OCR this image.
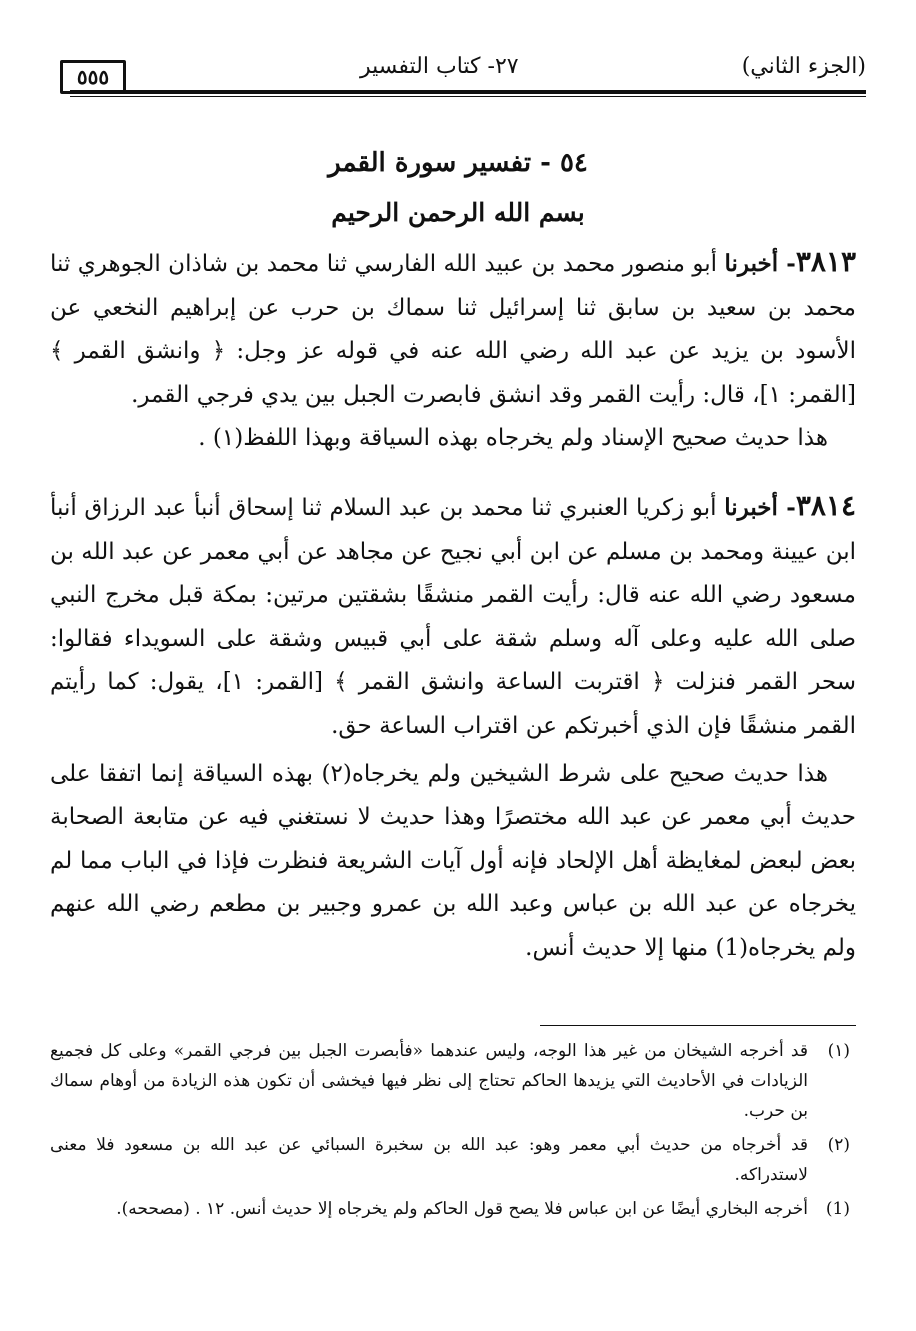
٥٥٥	٢٧- كتاب التفسير	(الجزء الثاني)
٥٤ - تفسير سورة القمر
بسم الله الرحمن الرحيم

٣٨١٣- أخبرنا أبو منصور محمد بن عبيد الله الفارسي ثنا محمد بن شاذان الجوهري ثنا محمد بن سعيد بن سابق ثنا إسرائيل ثنا سماك بن حرب عن إبراهيم النخعي عن الأسود بن يزيد عن عبد الله رضي الله عنه في قوله عز وجل: ﴿ وانشق القمر ﴾ [القمر: ١]، قال: رأيت القمر وقد انشق فابصرت الجبل بين يدي فرجي القمر.

هذا حديث صحيح الإسناد ولم يخرجاه بهذه السياقة وبهذا اللفظ(١) .

٣٨١٤- أخبرنا أبو زكريا العنبري ثنا محمد بن عبد السلام ثنا إسحاق أنبأ عبد الرزاق أنبأ ابن عيينة ومحمد بن مسلم عن ابن أبي نجيح عن مجاهد عن أبي معمر عن عبد الله بن مسعود رضي الله عنه قال: رأيت القمر منشقًا بشقتين مرتين: بمكة قبل مخرج النبي صلى الله عليه وعلى آله وسلم شقة على أبي قبيس وشقة على السويداء فقالوا: سحر القمر فنزلت ﴿ اقتربت الساعة وانشق القمر ﴾ [القمر: ١]، يقول: كما رأيتم القمر منشقًا فإن الذي أخبرتكم عن اقتراب الساعة حق.

هذا حديث صحيح على شرط الشيخين ولم يخرجاه(٢) بهذه السياقة إنما اتفقا على حديث أبي معمر عن عبد الله مختصرًا وهذا حديث لا نستغني فيه عن متابعة الصحابة بعض لبعض لمغايظة أهل الإلحاد فإنه أول آيات الشريعة فنظرت فإذا في الباب مما لم يخرجاه عن عبد الله بن عباس وعبد الله بن عمرو وجبير بن مطعم رضي الله عنهم ولم يخرجاه(1) منها إلا حديث أنس.

(١)
قد أخرجه الشيخان من غير هذا الوجه، وليس عندهما «فأبصرت الجبل بين فرجي القمر» وعلى كل فجميع الزيادات في الأحاديث التي يزيدها الحاكم تحتاج إلى نظر فيها فيخشى أن تكون هذه الزيادة من أوهام سماك بن حرب.

(٢)
قد أخرجاه من حديث أبي معمر وهو: عبد الله بن سخبرة السبائي عن عبد الله بن مسعود فلا معنى لاستدراكه.

(1)
أخرجه البخاري أيضًا عن ابن عباس فلا يصح قول الحاكم ولم يخرجاه إلا حديث أنس. ١٢ . (مصححه).
